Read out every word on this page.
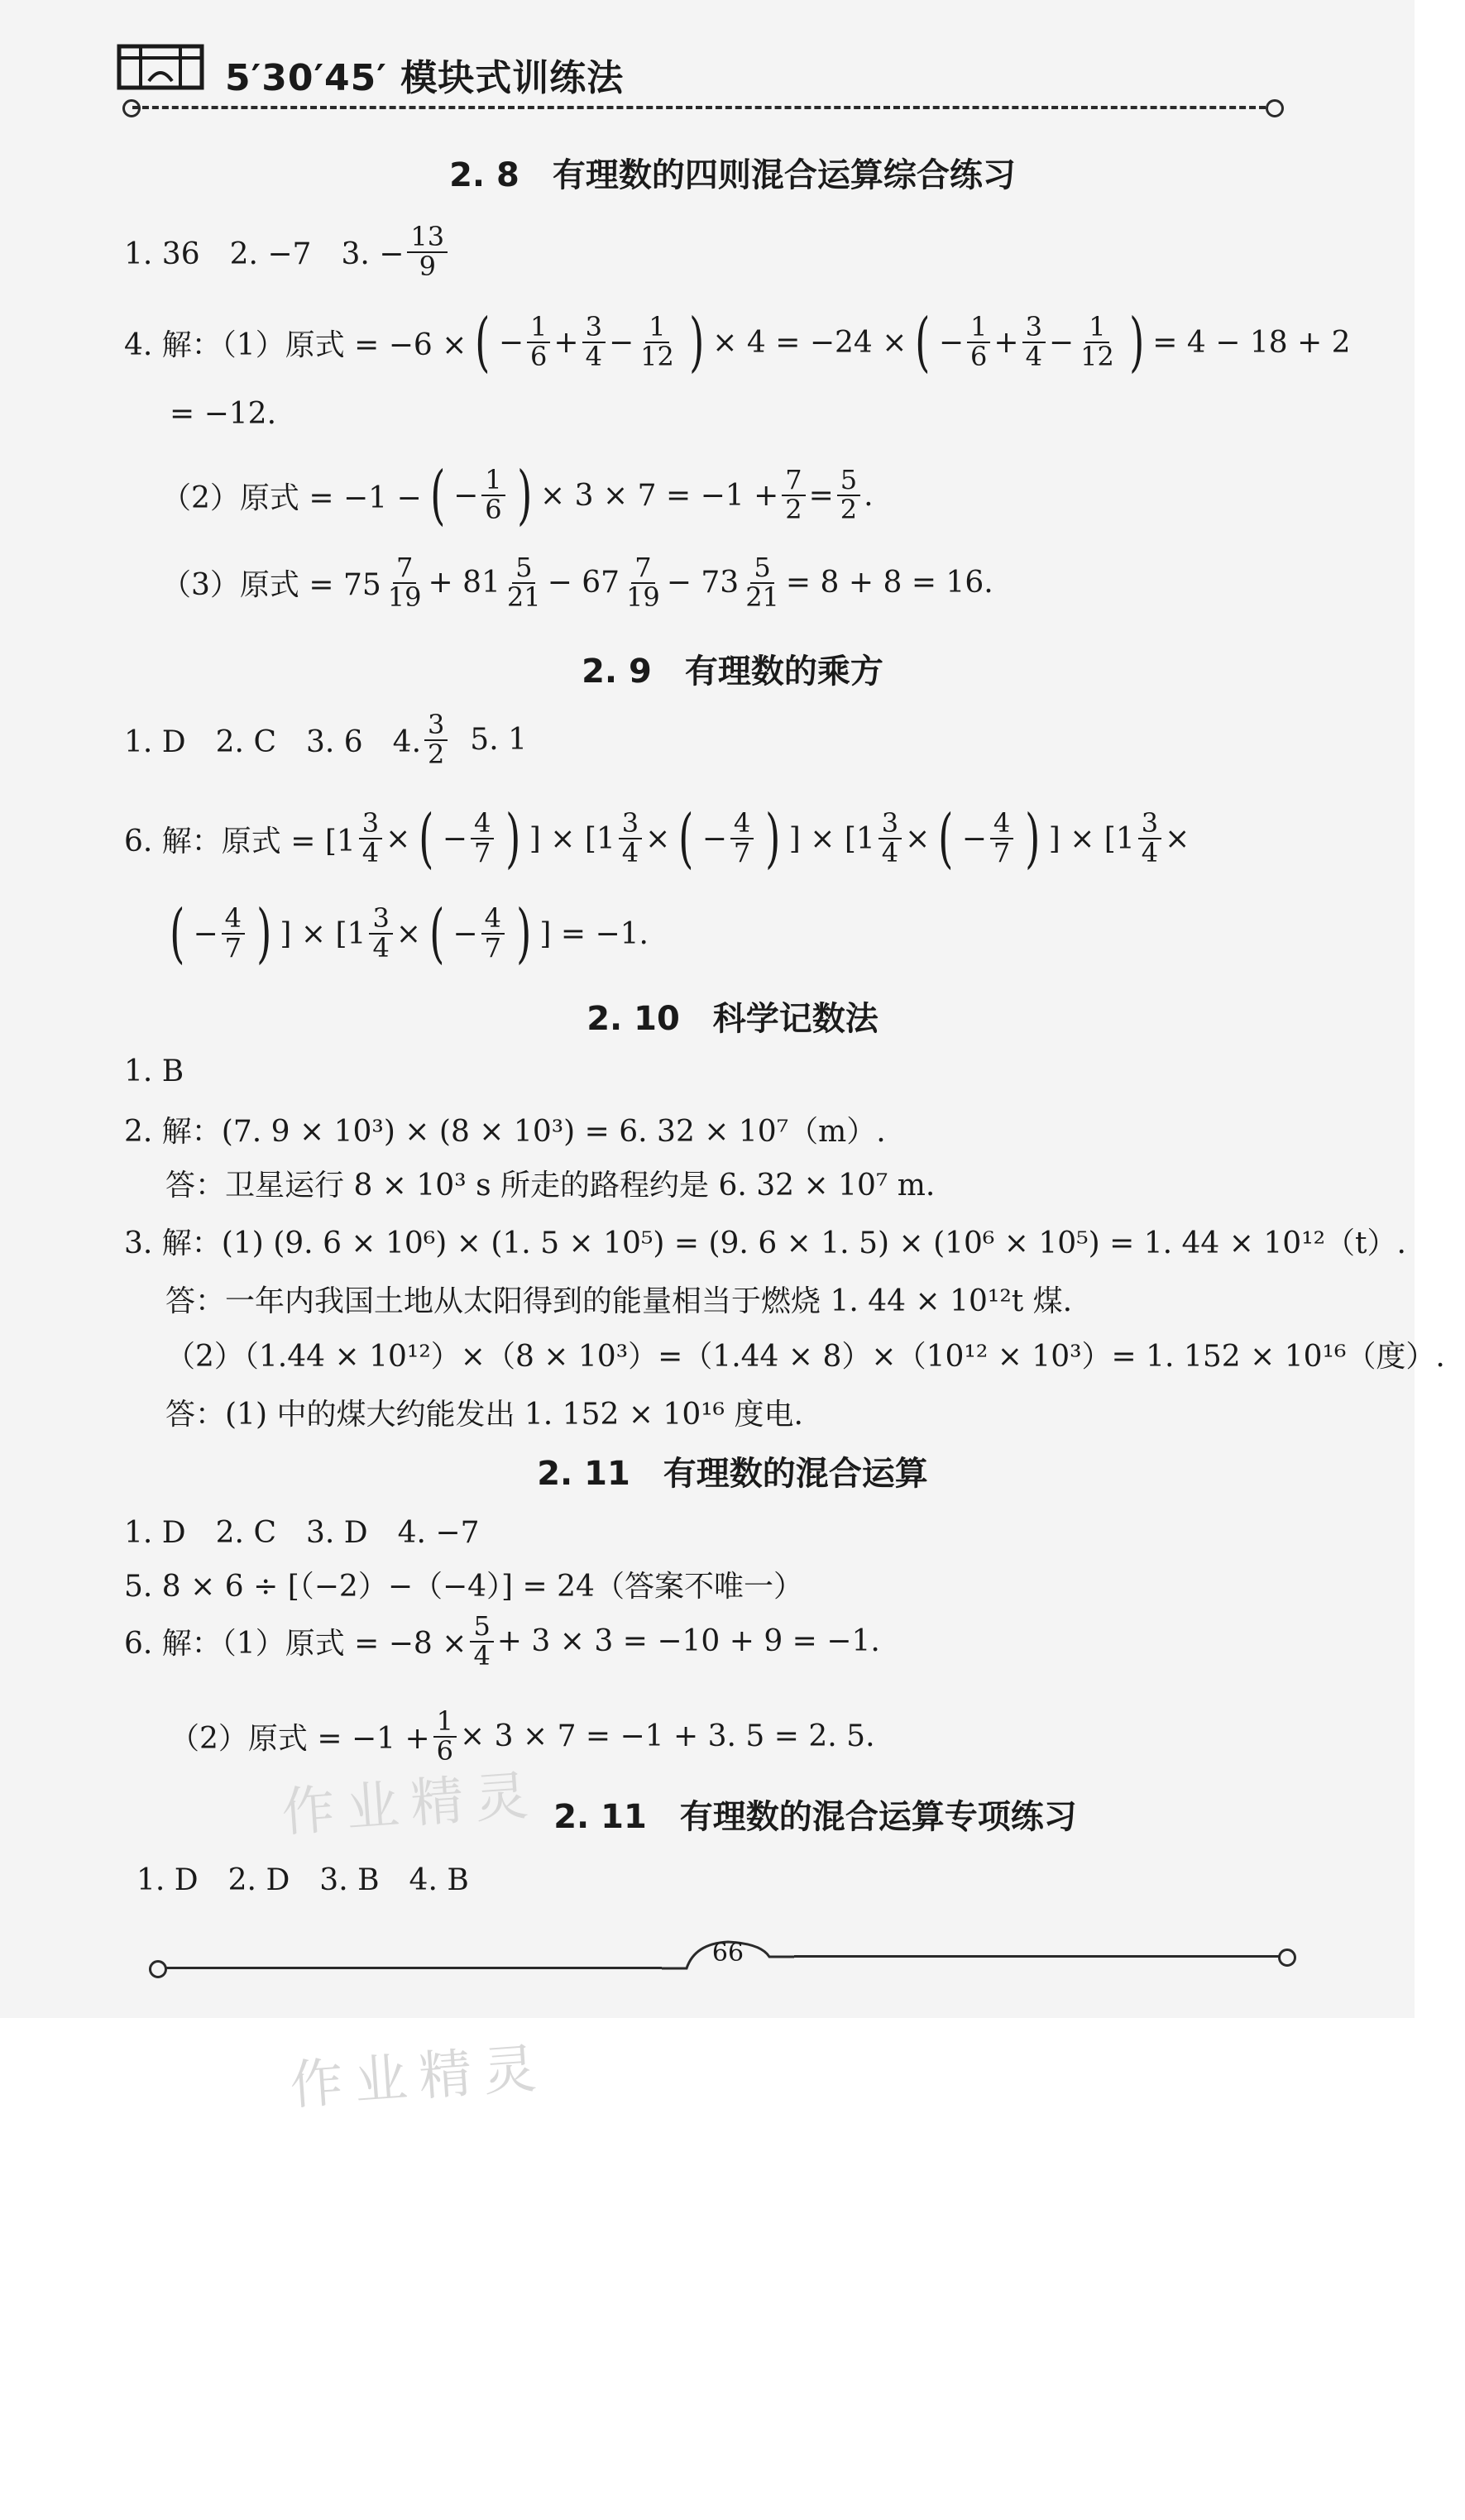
5′30′45′ 模块式训练法
2. 8　有理数的四则混合运算综合练习
1. 36　2. −7　3. − $\frac{13}{9}$
4. 解：（1）原式 = −6 × ( − $\frac{1}{6} + \frac{3}{4} - \frac{1}{12}$ ) × 4 = −24 × ( − $\frac{1}{6} + \frac{3}{4} - \frac{1}{12}$ ) = 4 − 18 + 2
= −12.
（2）原式 = −1 − ( − $\frac{1}{6}$ ) × $3 \times 7 = -1 + \frac{7}{2} = \frac{5}{2}$ .
（3）原式 = $75 \frac{7}{19} + 81 \frac{5}{21} - 67 \frac{7}{19} - 73 \frac{5}{21} = 8 + 8 = 16$.
2. 9　有理数的乘方
1. D　2. C　3. 6　4. $\frac{3}{2}$
5. 1
6. 解：原式 = [$1 \frac{3}{4}$ × ( − $\frac{4}{7}$ ) ] × [$1 \frac{3}{4}$ × ( − $\frac{4}{7}$ ) ] × [$1 \frac{3}{4}$ × ( − $\frac{4}{7}$ ) ] × [$1 \frac{3}{4}$ ×
( − $\frac{4}{7}$ ) ] × [$1 \frac{3}{4}$ × ( − $\frac{4}{7}$ ) ] = −1.
2. 10　科学记数法
1. B
2. 解：(7. 9 × 10³) × (8 × 10³) = 6. 32 × 10⁷（m）.
答：卫星运行 8 × 10³ s 所走的路程约是 6. 32 × 10⁷ m.
3. 解：(1) (9. 6 × 10⁶) × (1. 5 × 10⁵) = (9. 6 × 1. 5) × (10⁶ × 10⁵) = 1. 44 × 10¹²（t）.
答：一年内我国土地从太阳得到的能量相当于燃烧 1. 44 × 10¹²t 煤.
（2）（1.44 × 10¹²）×（8 × 10³）=（1.44 × 8）×（10¹² × 10³）= 1. 152 × 10¹⁶（度）.
答：(1) 中的煤大约能发出 1. 152 × 10¹⁶ 度电.
2. 11　有理数的混合运算
1. D　2. C　3. D　4. −7
5. 8 × 6 ÷ [（−2）−（−4）] = 24（答案不唯一）
6. 解：（1）原式 = $-8 \times \frac{5}{4} + 3 \times 3 = -10 + 9 = -1$.
（2）原式 = $-1 + \frac{1}{6} \times 3 \times 7 = -1 + 3$. 5 = 2. 5.
2. 11　有理数的混合运算专项练习
1. D　2. D　3. B　4. B
66
作业精灵
作业精灵
